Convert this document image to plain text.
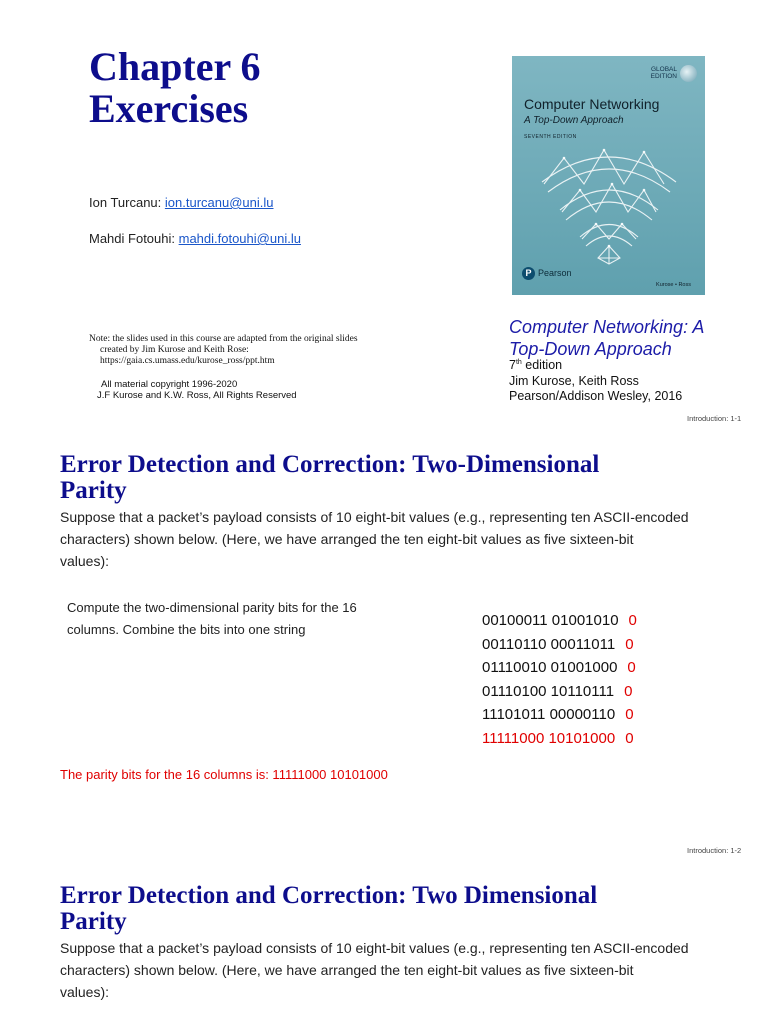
Chapter 6
Exercises
Ion Turcanu: ion.turcanu@uni.lu
Mahdi Fotouhi: mahdi.fotouhi@uni.lu
Note: the slides used in this course are adapted from the original slides
created by Jim Kurose and Keith Rose:
https://gaia.cs.umass.edu/kurose_ross/ppt.htm
All material copyright 1996-2020
J.F Kurose and K.W. Ross, All Rights Reserved
GLOBAL
EDITION
Computer Networking
A Top-Down Approach
SEVENTH EDITION
P Pearson
Kurose • Ross
Computer Networking: A
Top-Down Approach
7th edition
Jim Kurose, Keith Ross
Pearson/Addison Wesley, 2016
Introduction: 1-1
Error Detection and Correction: Two-Dimensional
Parity
Suppose that a packet’s payload consists of 10 eight-bit values (e.g., representing ten ASCII-encoded
characters) shown below. (Here, we have arranged the ten eight-bit values as five sixteen-bit
values):
Compute the two-dimensional parity bits for the 16
columns. Combine the bits into one string
00100011 01001010 0
00110110 00011011 0
01110010 01001000 0
01110100 10110111 0
11101011 00000110 0
11111000 10101000 0
The parity bits for the 16 columns is: 11111000 10101000
Introduction: 1-2
Error Detection and Correction: Two Dimensional
Parity
Suppose that a packet’s payload consists of 10 eight-bit values (e.g., representing ten ASCII-encoded
characters) shown below. (Here, we have arranged the ten eight-bit values as five sixteen-bit
values):
